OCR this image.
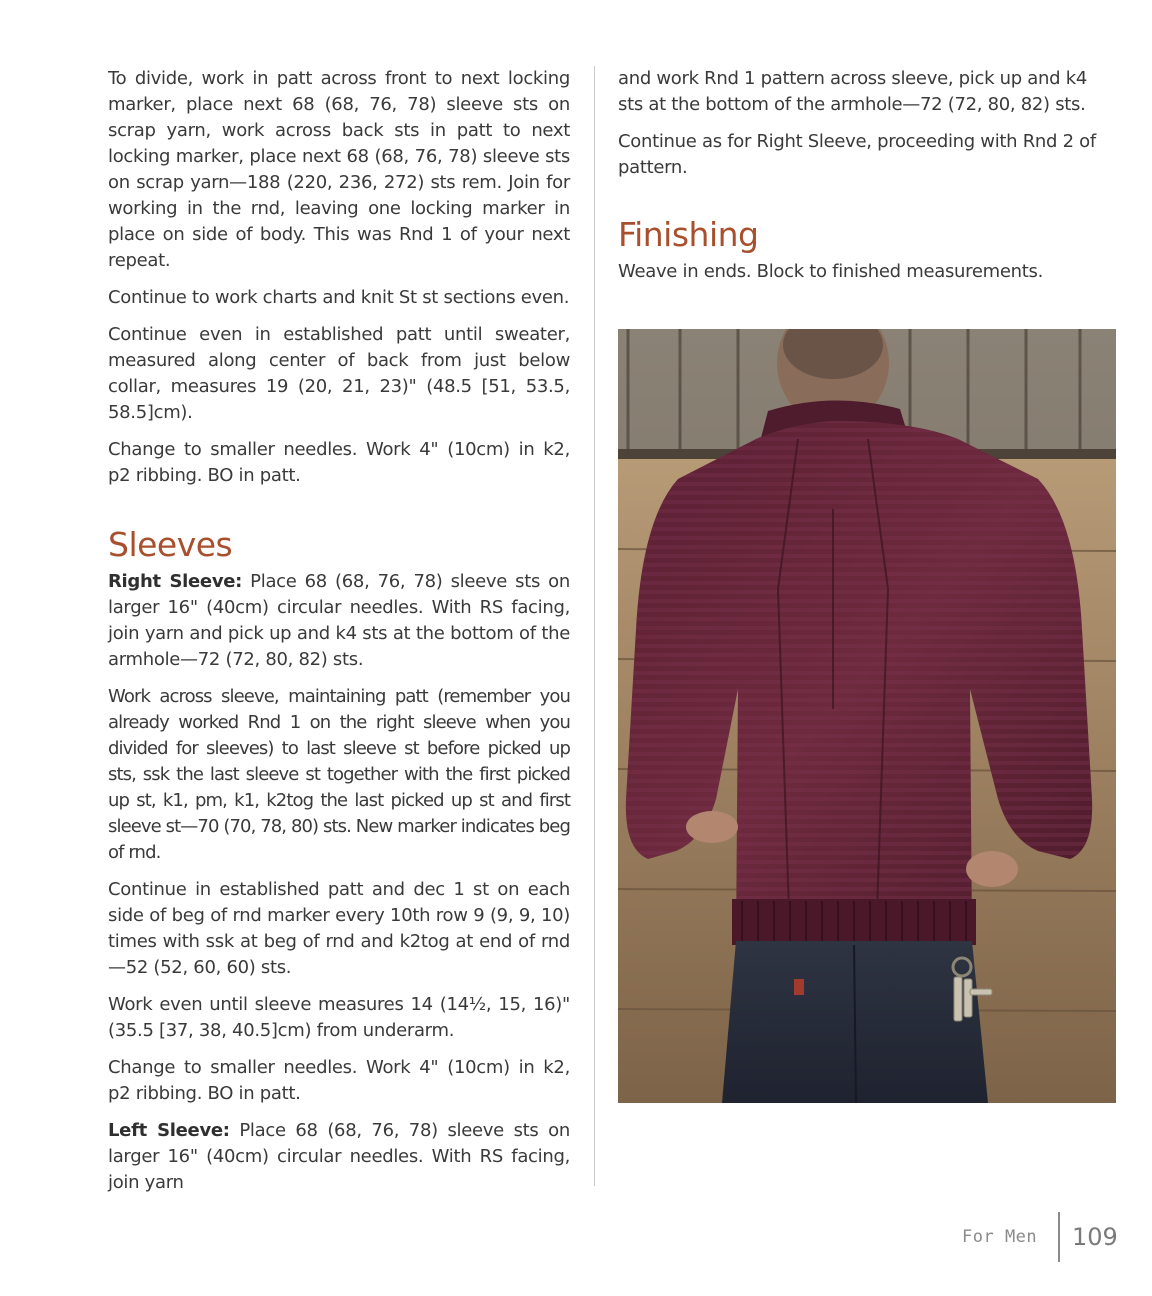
To divide, work in patt across front to next locking marker, place next 68 (68, 76, 78) sleeve sts on scrap yarn, work across back sts in patt to next locking marker, place next 68 (68, 76, 78) sleeve sts on scrap yarn—188 (220, 236, 272) sts rem. Join for working in the rnd, leaving one locking marker in place on side of body. This was Rnd 1 of your next repeat.

Continue to work charts and knit St st sections even.

Continue even in established patt until sweater, measured along center of back from just below collar, measures 19 (20, 21, 23)" (48.5 [51, 53.5, 58.5]cm).

Change to smaller needles. Work 4" (10cm) in k2, p2 ribbing. BO in patt.

Sleeves

Right Sleeve: Place 68 (68, 76, 78) sleeve sts on larger 16" (40cm) circular needles. With RS facing, join yarn and pick up and k4 sts at the bottom of the armhole—72 (72, 80, 82) sts.

Work across sleeve, maintaining patt (remember you already worked Rnd 1 on the right sleeve when you divided for sleeves) to last sleeve st before picked up sts, ssk the last sleeve st together with the first picked up st, k1, pm, k1, k2tog the last picked up st and first sleeve st—70 (70, 78, 80) sts. New marker indicates beg of rnd.

Continue in established patt and dec 1 st on each side of beg of rnd marker every 10th row 9 (9, 9, 10) times with ssk at beg of rnd and k2tog at end of rnd—52 (52, 60, 60) sts.

Work even until sleeve measures 14 (14½, 15, 16)" (35.5 [37, 38, 40.5]cm) from underarm.

Change to smaller needles. Work 4" (10cm) in k2, p2 ribbing. BO in patt.

Left Sleeve: Place 68 (68, 76, 78) sleeve sts on larger 16" (40cm) circular needles. With RS facing, join yarn

and work Rnd 1 pattern across sleeve, pick up and k4 sts at the bottom of the armhole—72 (72, 80, 82) sts.

Continue as for Right Sleeve, proceeding with Rnd 2 of pattern.

Finishing

Weave in ends. Block to finished measurements.

For Men 109
